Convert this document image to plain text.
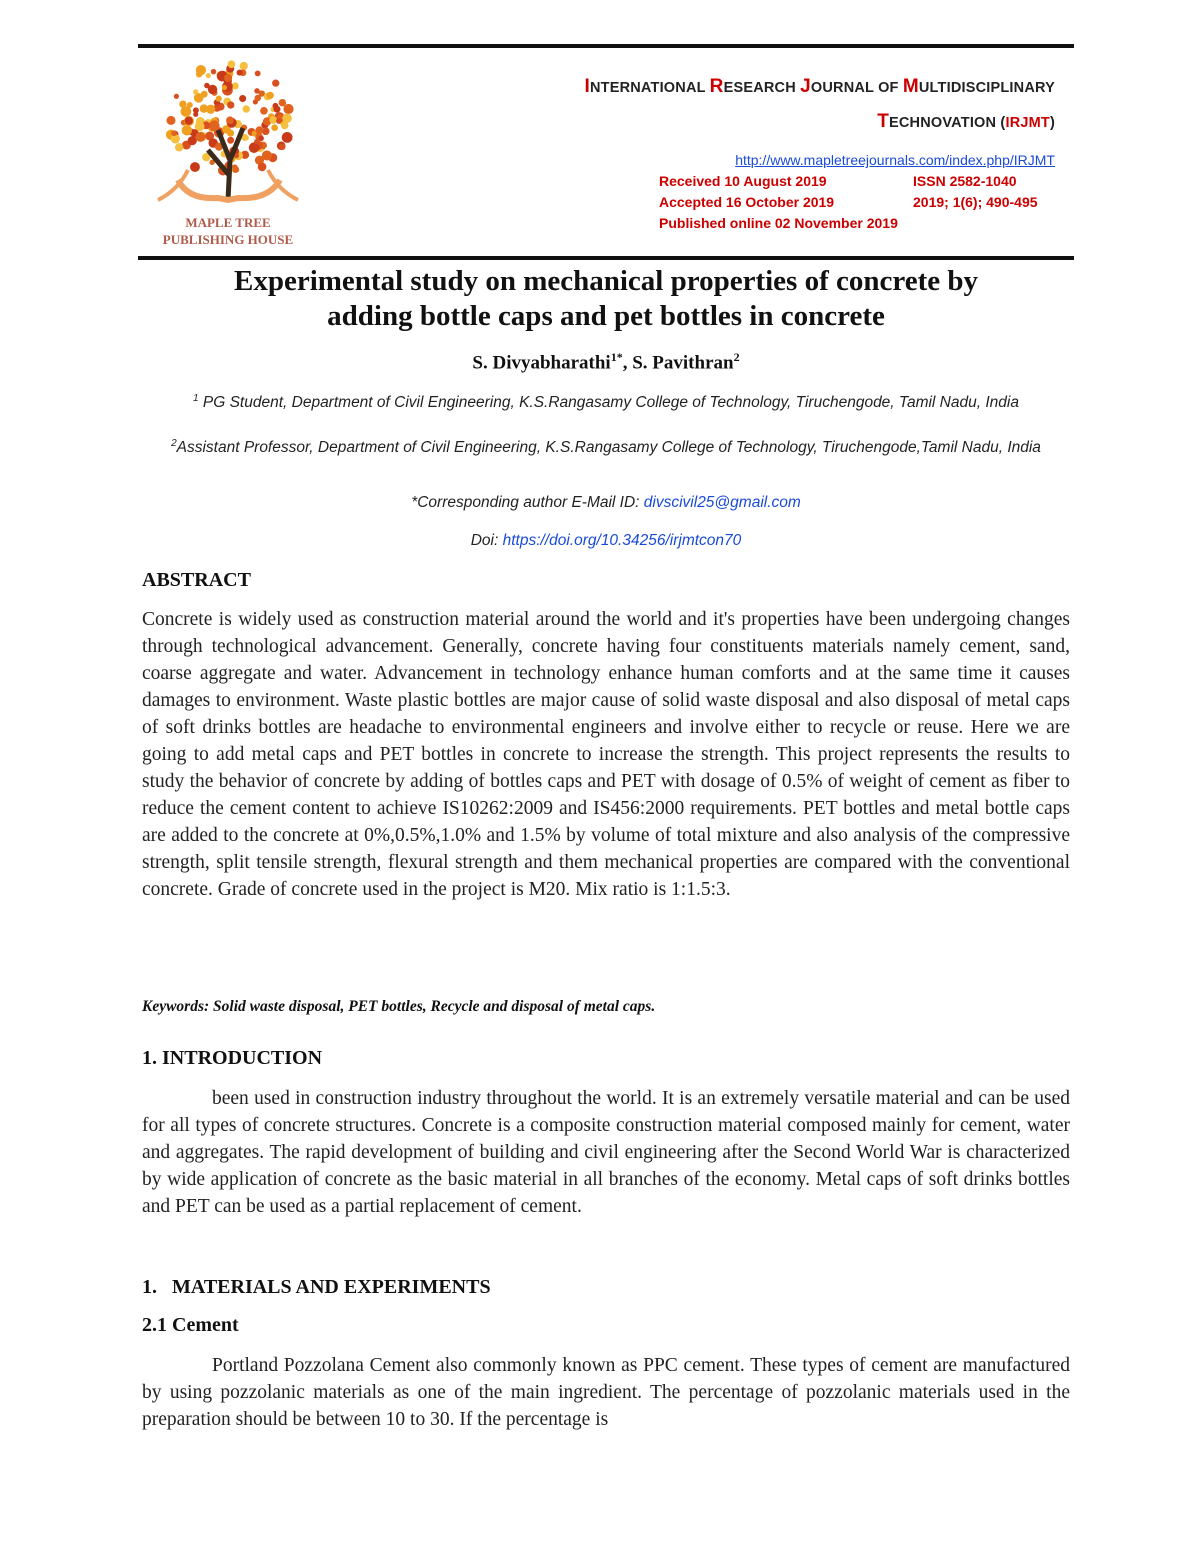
MAPLE TREE
PUBLISHING HOUSE
INTERNATIONAL RESEARCH JOURNAL OF MULTIDISCIPLINARY
TECHNOVATION (IRJMT)
http://www.mapletreejournals.com/index.php/IRJMT
Received 10 August 2019	ISSN 2582-1040
Accepted 16 October 2019	2019; 1(6); 490-495
Published online 02 November 2019
Experimental study on mechanical properties of concrete by
adding bottle caps and pet bottles in concrete
S. Divyabharathi$^{1*}$, S. Pavithran$^2$
$^1$ PG Student, Department of Civil Engineering, K.S.Rangasamy College of Technology, Tiruchengode, Tamil Nadu, India
$^2$Assistant Professor, Department of Civil Engineering, K.S.Rangasamy College of Technology, Tiruchengode,Tamil Nadu, India
*Corresponding author E-Mail ID: divscivil25@gmail.com
Doi: https://doi.org/10.34256/irjmtcon70
ABSTRACT
Concrete is widely used as construction material around the world and it's properties have been undergoing changes through technological advancement. Generally, concrete having four constituents materials namely cement, sand, coarse aggregate and water. Advancement in technology enhance human comforts and at the same time it causes damages to environment. Waste plastic bottles are major cause of solid waste disposal and also disposal of metal caps of soft drinks bottles are headache to environmental engineers and involve either to recycle or reuse. Here we are going to add metal caps and PET bottles in concrete to increase the strength. This project represents the results to study the behavior of concrete by adding of bottles caps and PET with dosage of 0.5% of weight of cement as fiber to reduce the cement content to achieve IS10262:2009 and IS456:2000 requirements. PET bottles and metal bottle caps are added to the concrete at 0%,0.5%,1.0% and 1.5% by volume of total mixture and also analysis of the compressive strength, split tensile strength, flexural strength and them mechanical properties are compared with the conventional concrete. Grade of concrete used in the project is M20. Mix ratio is 1:1.5:3.
Keywords: Solid waste disposal, PET bottles, Recycle and disposal of metal caps.
1. INTRODUCTION
been used in construction industry throughout the world. It is an extremely versatile material and can be used for all types of concrete structures. Concrete is a composite construction material composed mainly for cement, water and aggregates. The rapid development of building and civil engineering after the Second World War is characterized by wide application of concrete as the basic material in all branches of the economy. Metal caps of soft drinks bottles and PET can be used as a partial replacement of cement.
1.   MATERIALS AND EXPERIMENTS
2.1 Cement
Portland Pozzolana Cement also commonly known as PPC cement. These types of cement are manufactured by using pozzolanic materials as one of the main ingredient. The percentage of pozzolanic materials used in the preparation should be between 10 to 30. If the percentage is
